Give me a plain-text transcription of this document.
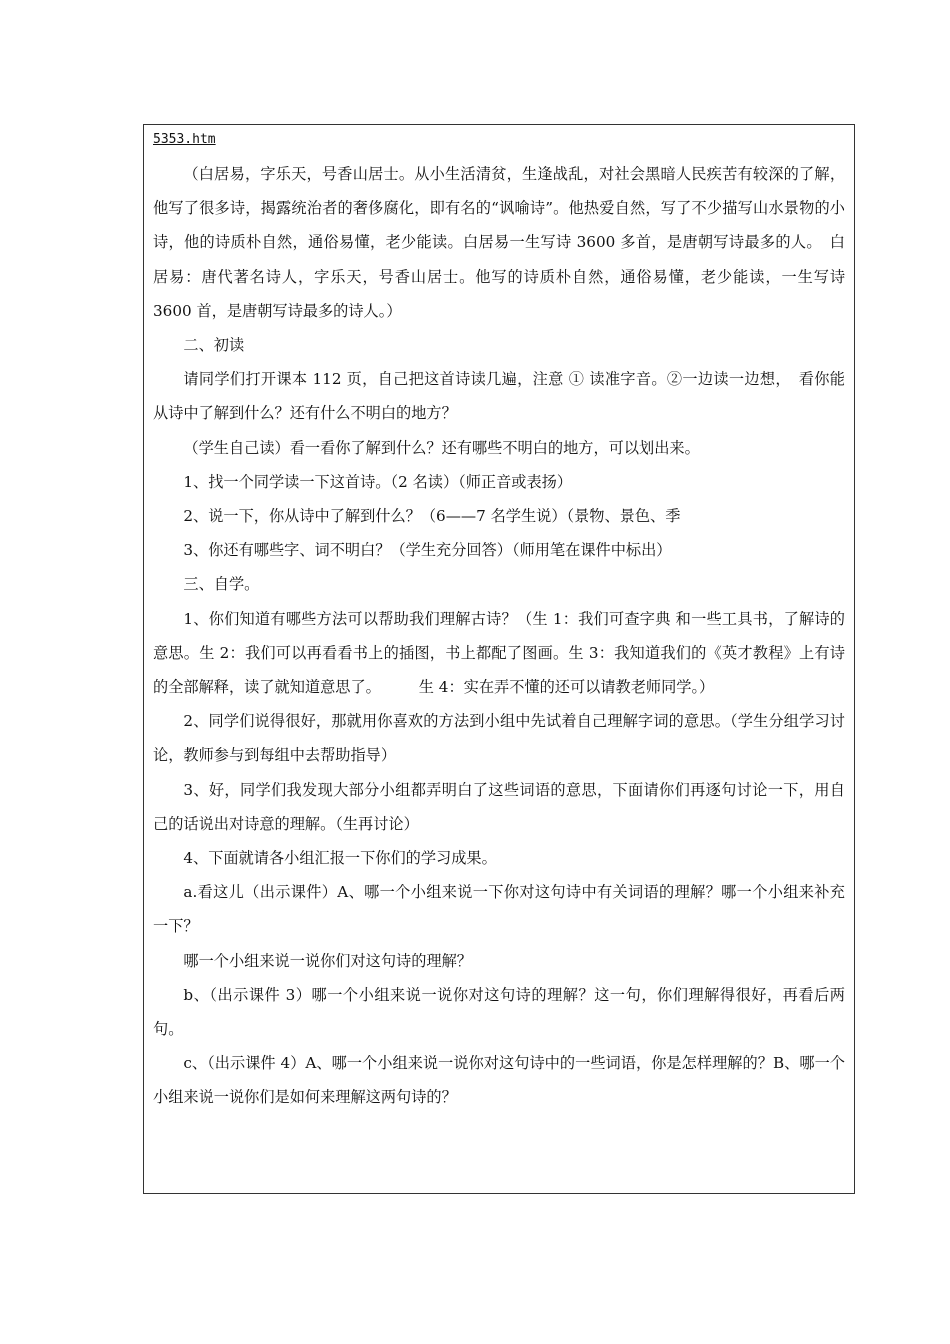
5353.htm

（白居易，字乐天，号香山居士。从小生活清贫，生逢战乱，对社会黑暗人民疾苦有较深的了解，他写了很多诗，揭露统治者的奢侈腐化，即有名的“讽喻诗”。他热爱自然，写了不少描写山水景物的小诗，他的诗质朴自然，通俗易懂，老少能读。白居易一生写诗 3600 多首，是唐朝写诗最多的人。　白居易：唐代著名诗人，字乐天，号香山居士。他写的诗质朴自然，通俗易懂，老少能读，一生写诗 3600 首，是唐朝写诗最多的诗人。）

二、初读

请同学们打开课本 112 页，自己把这首诗读几遍，注意 ① 读准字音。②一边读一边想，　看你能从诗中了解到什么？还有什么不明白的地方？

（学生自己读）看一看你了解到什么？还有哪些不明白的地方，可以划出来。

1、找一个同学读一下这首诗。（2 名读）（师正音或表扬）

2、说一下，你从诗中了解到什么？（6——7 名学生说）（景物、景色、季

3、你还有哪些字、词不明白？（学生充分回答）（师用笔在课件中标出）

三、自学。

1、你们知道有哪些方法可以帮助我们理解古诗？（生 1：我们可查字典 和一些工具书，了解诗的意思。生 2：我们可以再看看书上的插图，书上都配了图画。生 3：我知道我们的《英才教程》上有诗的全部解释，读了就知道意思了。　　　生 4：实在弄不懂的还可以请教老师同学。）

2、同学们说得很好，那就用你喜欢的方法到小组中先试着自己理解字词的意思。（学生分组学习讨论，教师参与到每组中去帮助指导）

3、好，同学们我发现大部分小组都弄明白了这些词语的意思，下面请你们再逐句讨论一下，用自己的话说出对诗意的理解。（生再讨论）

4、下面就请各小组汇报一下你们的学习成果。

a.看这儿（出示课件）A、哪一个小组来说一下你对这句诗中有关词语的理解？哪一个小组来补充一下？

哪一个小组来说一说你们对这句诗的理解？

b、（出示课件 3）哪一个小组来说一说你对这句诗的理解？这一句，你们理解得很好，再看后两句。

c、（出示课件 4）A、哪一个小组来说一说你对这句诗中的一些词语，你是怎样理解的？B、哪一个小组来说一说你们是如何来理解这两句诗的？
